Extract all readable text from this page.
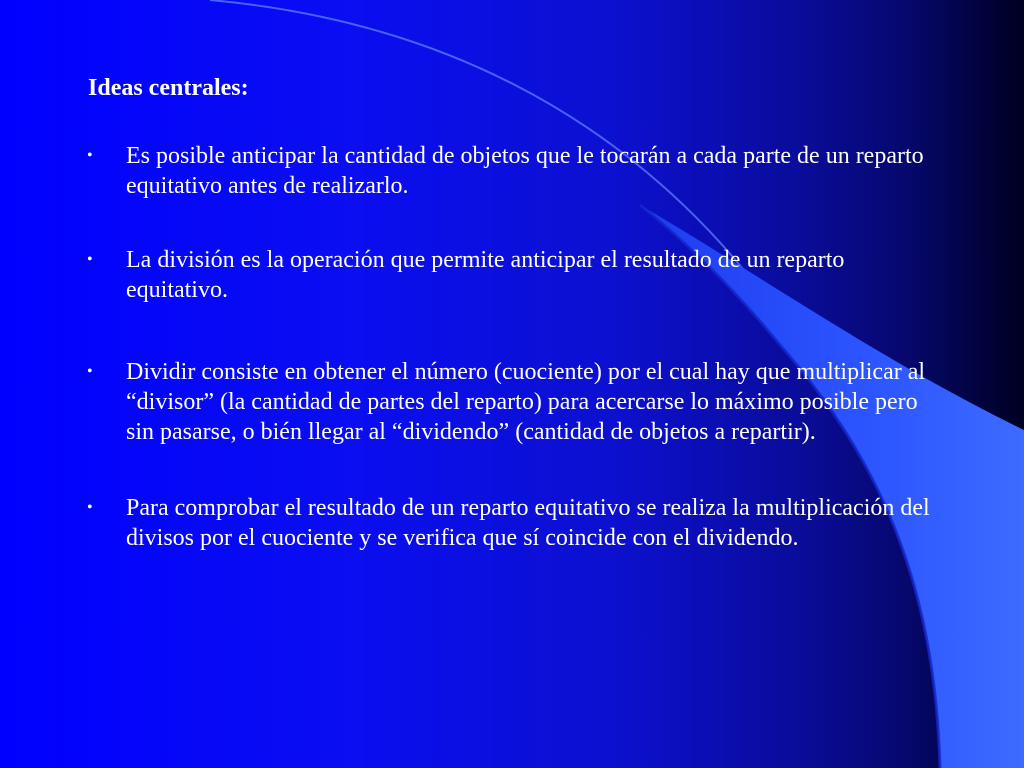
Ideas centrales:
• Es posible anticipar la cantidad de objetos que le tocarán a cada parte de un reparto equitativo antes de realizarlo.
• La división es la operación que permite anticipar el resultado de un reparto equitativo.
• Dividir consiste en obtener el número (cuociente) por el cual hay que multiplicar al “divisor” (la cantidad de partes del reparto) para acercarse lo máximo posible pero sin pasarse, o bién llegar al “dividendo” (cantidad de objetos a repartir).
• Para comprobar el resultado de un reparto equitativo se realiza la multiplicación del divisos por el cuociente y se verifica que sí coincide con el dividendo.
